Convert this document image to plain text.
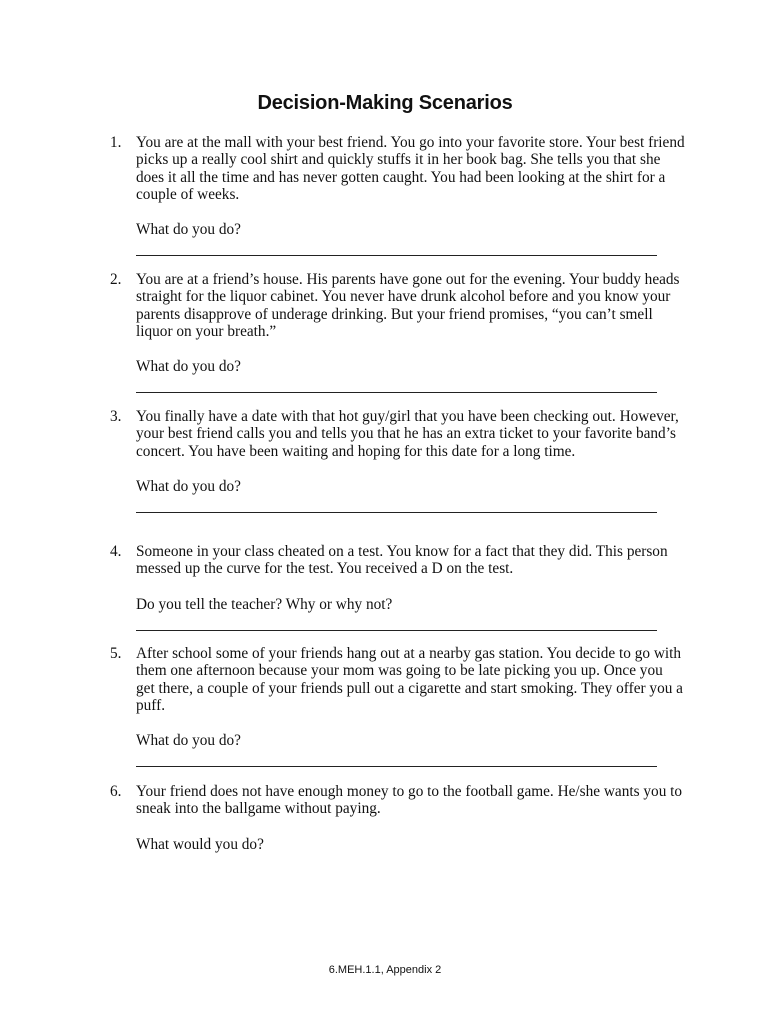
Decision-Making Scenarios
1. You are at the mall with your best friend. You go into your favorite store. Your best friend picks up a really cool shirt and quickly stuffs it in her book bag. She tells you that she does it all the time and has never gotten caught. You had been looking at the shirt for a couple of weeks.
What do you do?
2. You are at a friend’s house. His parents have gone out for the evening. Your buddy heads straight for the liquor cabinet. You never have drunk alcohol before and you know your parents disapprove of underage drinking. But your friend promises, “you can’t smell liquor on your breath.”
What do you do?
3. You finally have a date with that hot guy/girl that you have been checking out. However, your best friend calls you and tells you that he has an extra ticket to your favorite band’s concert. You have been waiting and hoping for this date for a long time.
What do you do?
4. Someone in your class cheated on a test. You know for a fact that they did. This person messed up the curve for the test. You received a D on the test.
Do you tell the teacher? Why or why not?
5. After school some of your friends hang out at a nearby gas station. You decide to go with them one afternoon because your mom was going to be late picking you up. Once you get there, a couple of your friends pull out a cigarette and start smoking. They offer you a puff.
What do you do?
6. Your friend does not have enough money to go to the football game. He/she wants you to sneak into the ballgame without paying.
What would you do?
6.MEH.1.1, Appendix 2
